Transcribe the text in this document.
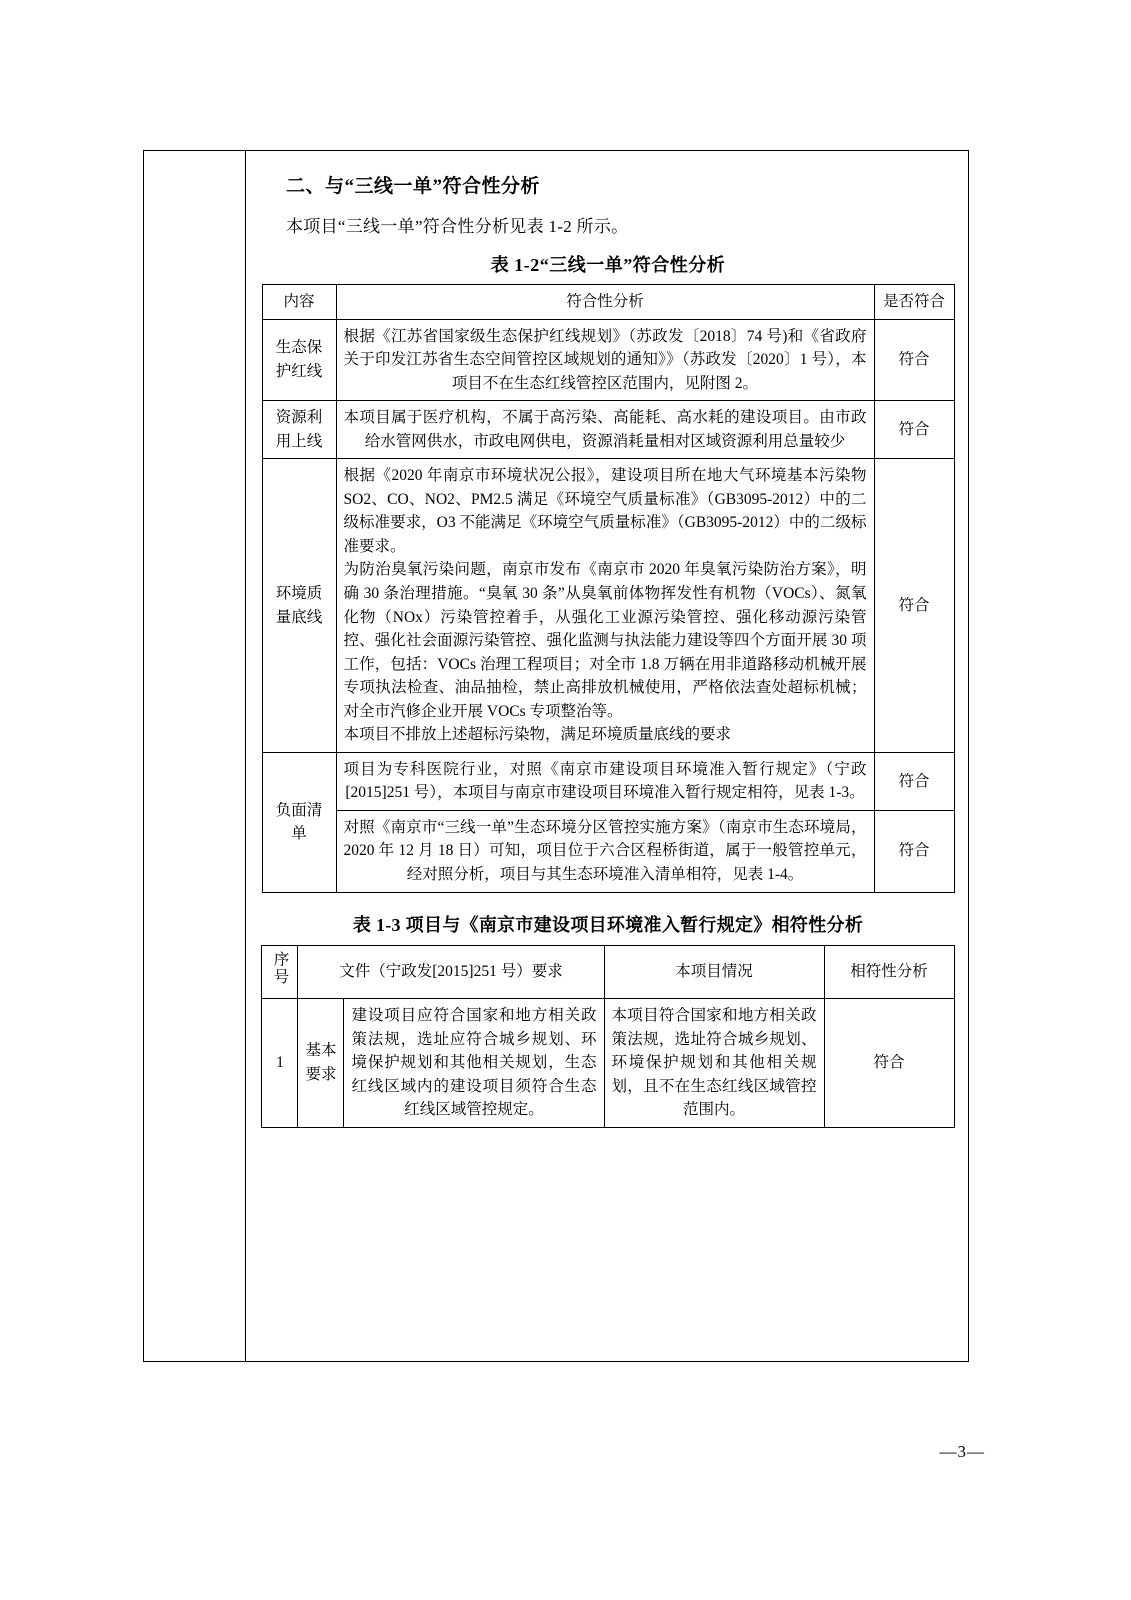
二、与“三线一单”符合性分析

本项目“三线一单”符合性分析见表 1-2 所示。

表 1-2“三线一单”符合性分析
内容	符合性分析	是否符合
生态保护红线	根据《江苏省国家级生态保护红线规划》（苏政发〔2018〕74 号)和《省政府关于印发江苏省生态空间管控区域规划的通知》》（苏政发〔2020〕1 号），本项目不在生态红线管控区范围内，见附图 2。	符合
资源利用上线	本项目属于医疗机构，不属于高污染、高能耗、高水耗的建设项目。由市政给水管网供水，市政电网供电，资源消耗量相对区域资源利用总量较少	符合
环境质量底线	根据《2020 年南京市环境状况公报》，建设项目所在地大气环境基本污染物 SO2、CO、NO2、PM2.5 满足《环境空气质量标准》（GB3095-2012）中的二级标准要求，O3 不能满足《环境空气质量标准》（GB3095-2012）中的二级标准要求。
为防治臭氧污染问题，南京市发布《南京市 2020 年臭氧污染防治方案》，明确 30 条治理措施。“臭氧 30 条”从臭氧前体物挥发性有机物（VOCs）、氮氧化物（NOx）污染管控着手，从强化工业源污染管控、强化移动源污染管控、强化社会面源污染管控、强化监测与执法能力建设等四个方面开展 30 项工作，包括：VOCs 治理工程项目；对全市 1.8 万辆在用非道路移动机械开展专项执法检查、油品抽检，禁止高排放机械使用，严格依法查处超标机械；对全市汽修企业开展 VOCs 专项整治等。
本项目不排放上述超标污染物，满足环境质量底线的要求	符合
负面清单	项目为专科医院行业，对照《南京市建设项目环境准入暂行规定》（宁政[2015]251 号），本项目与南京市建设项目环境准入暂行规定相符，见表 1-3。	符合
	对照《南京市“三线一单”生态环境分区管控实施方案》（南京市生态环境局，2020 年 12 月 18 日）可知，项目位于六合区程桥街道，属于一般管控单元，经对照分析，项目与其生态环境准入清单相符，见表 1-4。	符合
表 1-3 项目与《南京市建设项目环境准入暂行规定》相符性分析
序号	文件（宁政发[2015]251 号）要求		本项目情况	相符性分析
1	基本要求	建设项目应符合国家和地方相关政策法规，选址应符合城乡规划、环境保护规划和其他相关规划，生态红线区域内的建设项目须符合生态红线区域管控规定。	本项目符合国家和地方相关政策法规，选址符合城乡规划、环境保护规划和其他相关规划，且不在生态红线区域管控范围内。	符合
—3—
